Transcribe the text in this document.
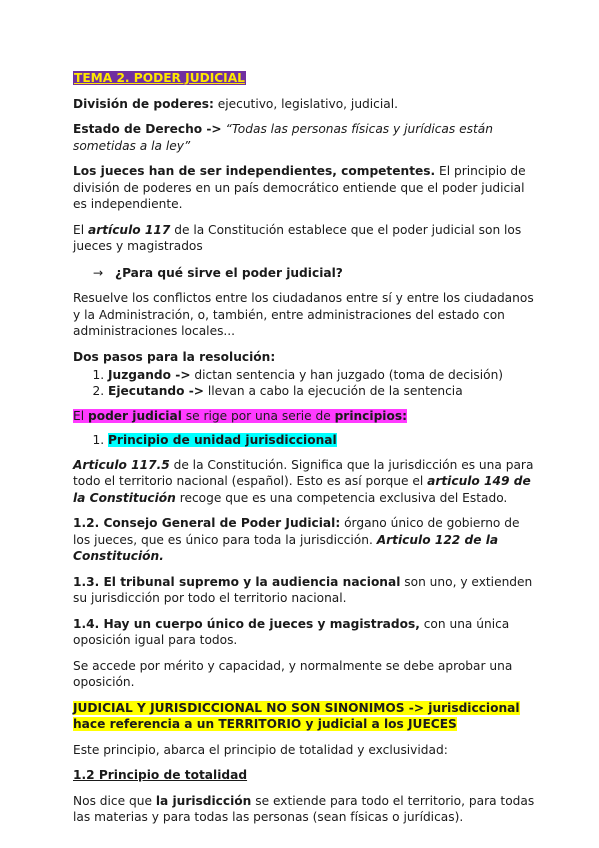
TEMA 2. PODER JUDICIAL

División de poderes: ejecutivo, legislativo, judicial.

Estado de Derecho -> “Todas las personas físicas y jurídicas están sometidas a la ley”

Los jueces han de ser independientes, competentes. El principio de división de poderes en un país democrático entiende que el poder judicial es independiente.

El artículo 117 de la Constitución establece que el poder judicial son los jueces y magistrados

→ ¿Para qué sirve el poder judicial?

Resuelve los conflictos entre los ciudadanos entre sí y entre los ciudadanos y la Administración, o, también, entre administraciones del estado con administraciones locales...

Dos pasos para la resolución:

1. Juzgando -> dictan sentencia y han juzgado (toma de decisión)
2. Ejecutando -> llevan a cabo la ejecución de la sentencia

El poder judicial se rige por una serie de principios:

1. Principio de unidad jurisdiccional

Articulo 117.5 de la Constitución. Significa que la jurisdicción es una para todo el territorio nacional (español). Esto es así porque el articulo 149 de la Constitución recoge que es una competencia exclusiva del Estado.

1.2. Consejo General de Poder Judicial: órgano único de gobierno de los jueces, que es único para toda la jurisdicción. Articulo 122 de la Constitución.

1.3. El tribunal supremo y la audiencia nacional son uno, y extienden su jurisdicción por todo el territorio nacional.

1.4. Hay un cuerpo único de jueces y magistrados, con una única oposición igual para todos.

Se accede por mérito y capacidad, y normalmente se debe aprobar una oposición.

JUDICIAL Y JURISDICCIONAL NO SON SINONIMOS -> jurisdiccional hace referencia a un TERRITORIO y judicial a los JUECES

Este principio, abarca el principio de totalidad y exclusividad:

1.2 Principio de totalidad

Nos dice que la jurisdicción se extiende para todo el territorio, para todas las materias y para todas las personas (sean físicas o jurídicas).
